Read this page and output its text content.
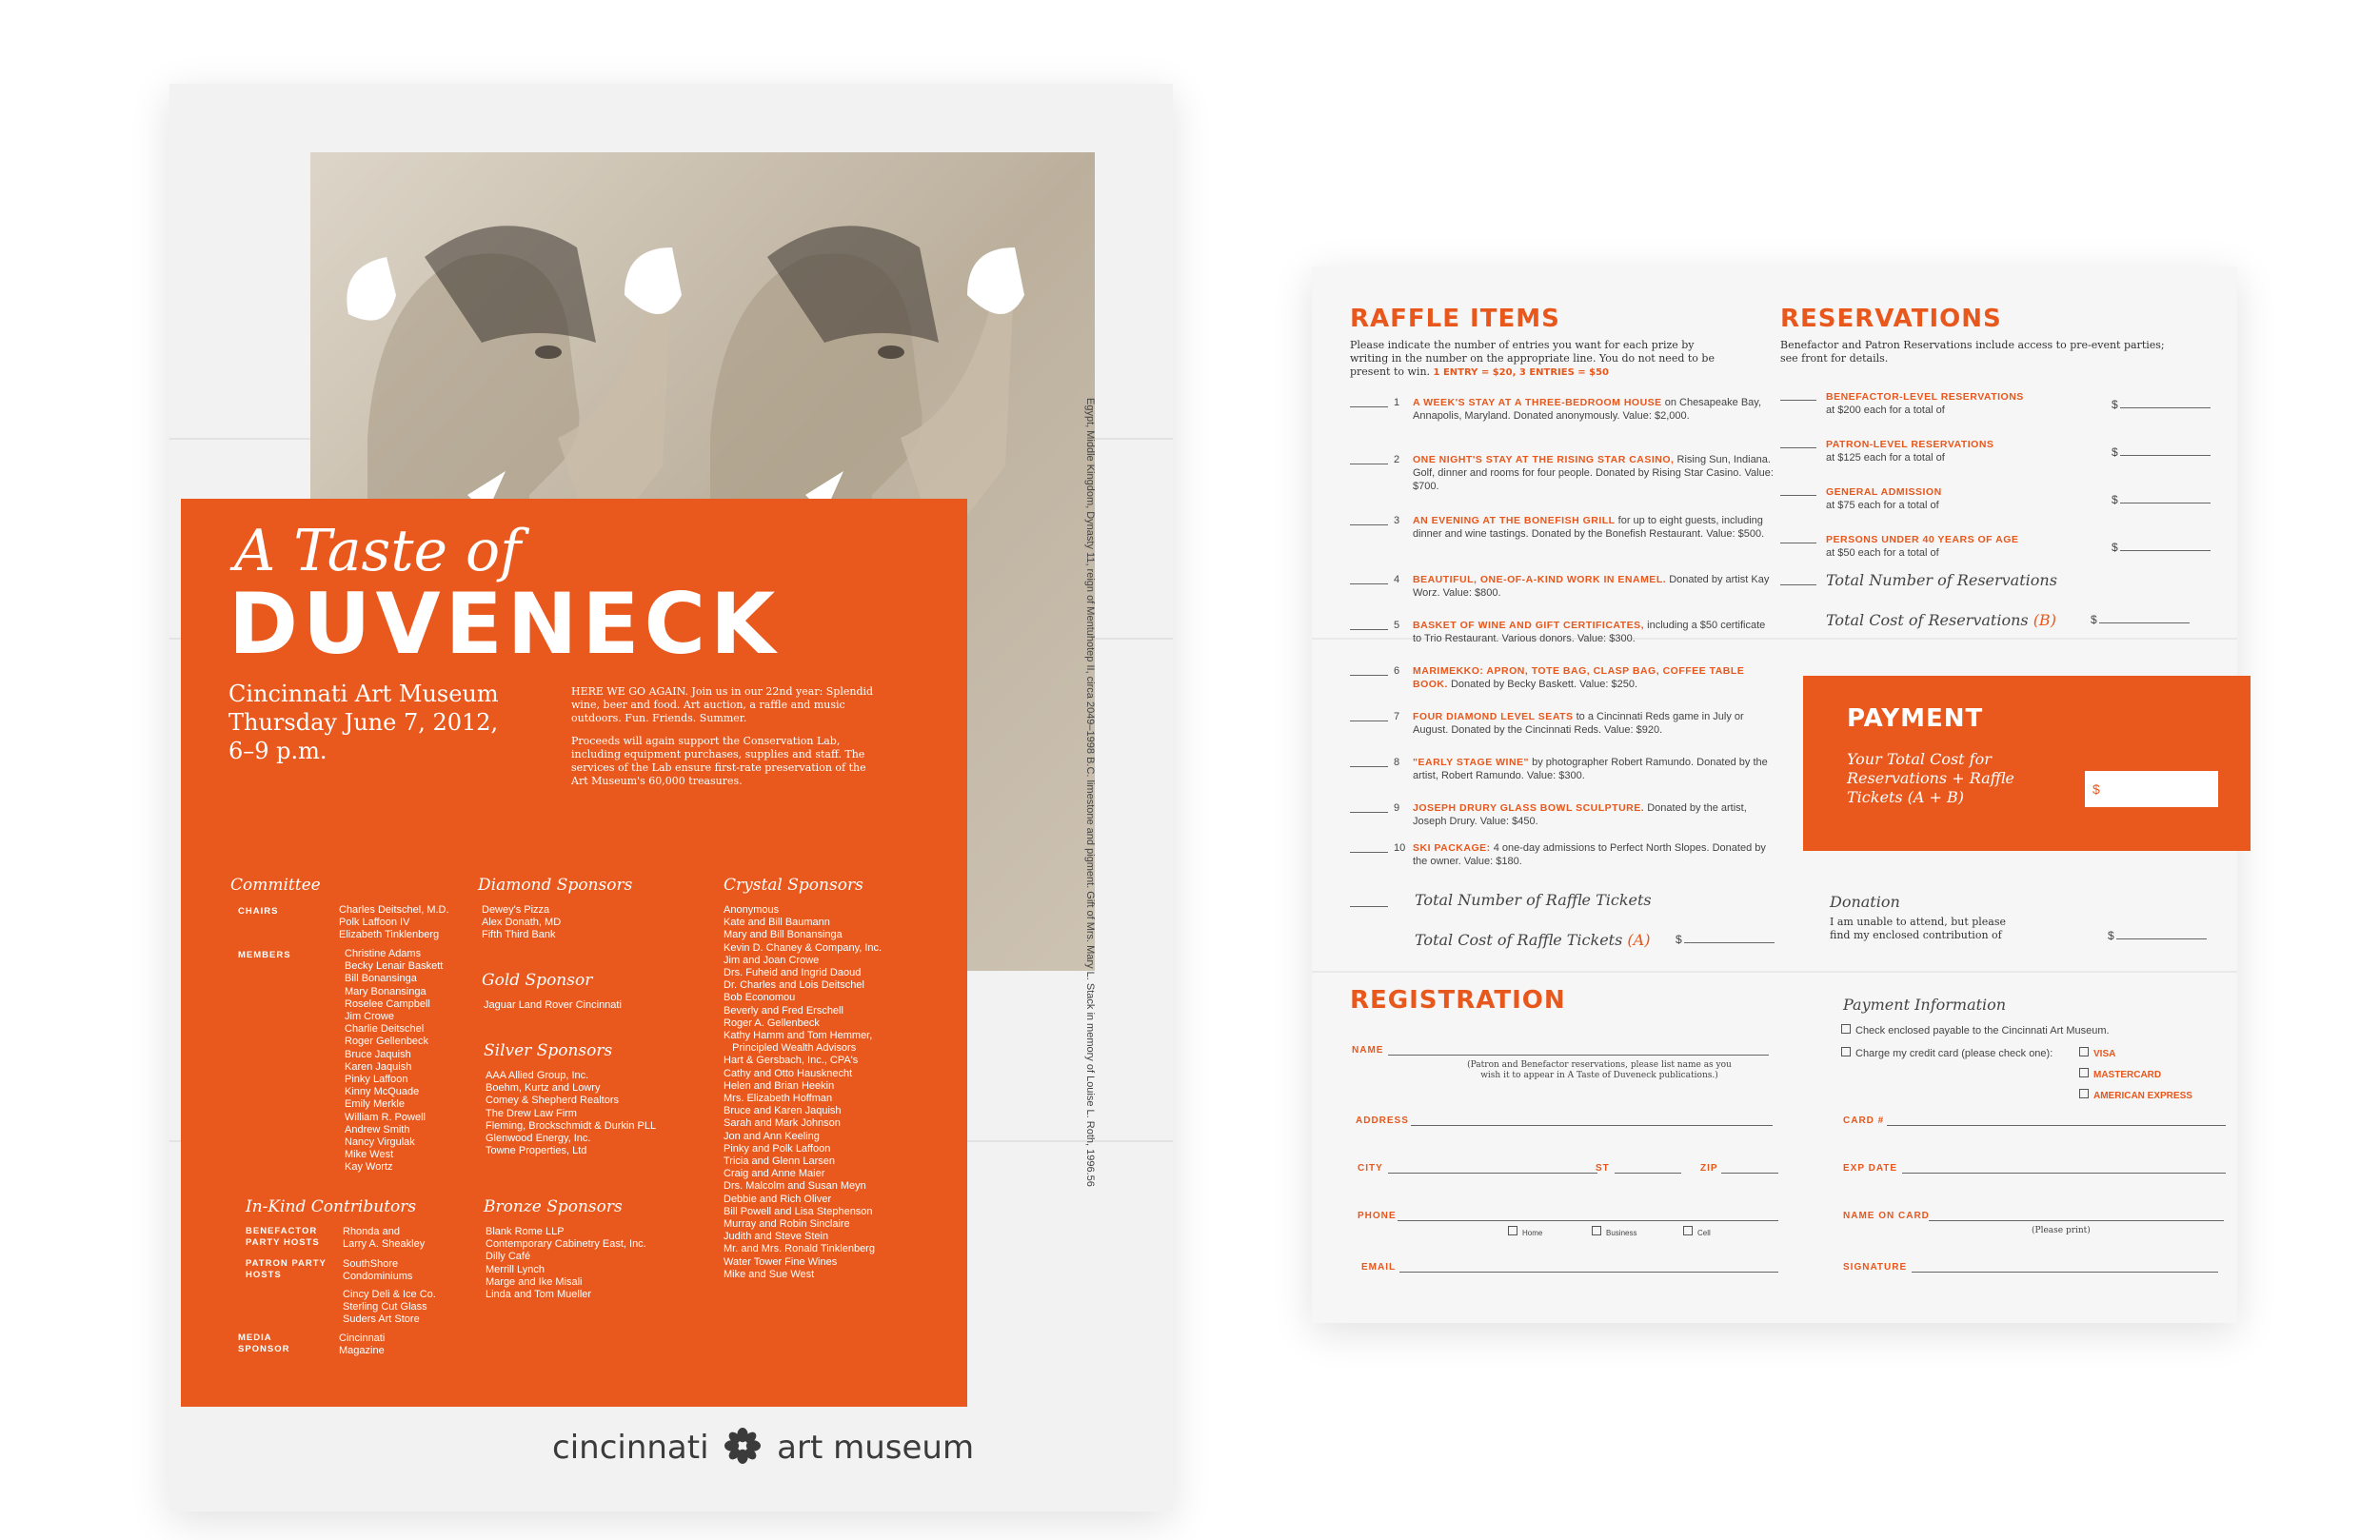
Egypt, Middle Kingdom, Dynasty 11, reign of Mentuhotep II, circa 2049–1998 B.C. limestone and pigment. Gift of Mrs. Mary L. Stack in memory of Louise L. Roth, 1996.56
A Taste of
DUVENECK
Cincinnati Art Museum
Thursday June 7, 2012,
6–9 p.m.

HERE WE GO AGAIN. Join us in our 22nd year: Splendid wine, beer and food. Art auction, a raffle and music outdoors. Fun. Friends. Summer.

Proceeds will again support the Conservation Lab, including equipment purchases, supplies and staff. The services of the Lab ensure first-rate preservation of the Art Museum's 60,000 treasures.

Committee
CHAIRS	Charles Deitschel, M.D.
Polk Laffoon IV
Elizabeth Tinklenberg
MEMBERS	Christine Adams
Becky Lenair Baskett
Bill Bonansinga
Mary Bonansinga
Roselee Campbell
Jim Crowe
Charlie Deitschel
Roger Gellenbeck
Bruce Jaquish
Karen Jaquish
Pinky Laffoon
Kinny McQuade
Emily Merkle
William R. Powell
Andrew Smith
Nancy Virgulak
Mike West
Kay Wortz
Diamond Sponsors
Dewey's Pizza
Alex Donath, MD
Fifth Third Bank
Gold Sponsor
Jaguar Land Rover Cincinnati
Silver Sponsors
AAA Allied Group, Inc.
Boehm, Kurtz and Lowry
Comey & Shepherd Realtors
The Drew Law Firm
Fleming, Brockschmidt & Durkin PLL
Glenwood Energy, Inc.
Towne Properties, Ltd
Crystal Sponsors
Anonymous
Kate and Bill Baumann
Mary and Bill Bonansinga
Kevin D. Chaney & Company, Inc.
Jim and Joan Crowe
Drs. Fuheid and Ingrid Daoud
Dr. Charles and Lois Deitschel
Bob Economou
Beverly and Fred Erschell
Roger A. Gellenbeck
Kathy Hamm and Tom Hemmer,
Principled Wealth Advisors
Hart & Gersbach, Inc., CPA's
Cathy and Otto Hausknecht
Helen and Brian Heekin
Mrs. Elizabeth Hoffman
Bruce and Karen Jaquish
Sarah and Mark Johnson
Jon and Ann Keeling
Pinky and Polk Laffoon
Tricia and Glenn Larsen
Craig and Anne Maier
Drs. Malcolm and Susan Meyn
Debbie and Rich Oliver
Bill Powell and Lisa Stephenson
Murray and Robin Sinclaire
Judith and Steve Stein
Mr. and Mrs. Ronald Tinklenberg
Water Tower Fine Wines
Mike and Sue West
In-Kind Contributors
BENEFACTOR PARTY HOSTS
Rhonda and
Larry A. Sheakley
PATRON PARTY HOSTS
SouthShore
Condominiums
Cincy Deli & Ice Co.
Sterling Cut Glass
Suders Art Store
MEDIA SPONSOR
Cincinnati
Magazine
Bronze Sponsors
Blank Rome LLP
Contemporary Cabinetry East, Inc.
Dilly Café
Merrill Lynch
Marge and Ike Misali
Linda and Tom Mueller
cincinnati art museum
RAFFLE ITEMS
Please indicate the number of entries you want for each prize by writing in the number on the appropriate line. You do not need to be present to win. 1 ENTRY = $20, 3 ENTRIES = $50
Total Number of Raffle Tickets
Total Cost of Raffle Tickets (A) $
RESERVATIONS
Benefactor and Patron Reservations include access to pre-event parties; see front for details.
Total Number of Reservations
Total Cost of Reservations (B)	$
PAYMENT
Your Total Cost for Reservations + Raffle Tickets (A + B)	$
Donation
I am unable to attend, but please find my enclosed contribution of	$
REGISTRATION
NAME
(Patron and Benefactor reservations, please list name as you wish it to appear in A Taste of Duveneck publications.)
ADDRESS
CITY	ST	ZIP
PHONE
Home	Business	Cell
EMAIL
Payment Information
Check enclosed payable to the Cincinnati Art Museum.
Charge my credit card (please check one):	VISA
MASTERCARD
AMERICAN EXPRESS
CARD #
EXP DATE
NAME ON CARD
(Please print)
SIGNATURE
1 A WEEK'S STAY AT A THREE-BEDROOM HOUSE on Chesapeake Bay, Annapolis, Maryland. Donated anonymously. Value: $2,000.
2 ONE NIGHT'S STAY AT THE RISING STAR CASINO, Rising Sun, Indiana. Golf, dinner and rooms for four people. Donated by Rising Star Casino. Value: $700.
3 AN EVENING AT THE BONEFISH GRILL for up to eight guests, including dinner and wine tastings. Donated by the Bonefish Restaurant. Value: $500.
4 BEAUTIFUL, ONE-OF-A-KIND WORK IN ENAMEL. Donated by artist Kay Worz. Value: $800.
5 BASKET OF WINE AND GIFT CERTIFICATES, including a $50 certificate to Trio Restaurant. Various donors. Value: $300.
6 MARIMEKKO: APRON, TOTE BAG, CLASP BAG, COFFEE TABLE BOOK. Donated by Becky Baskett. Value: $250.
7 FOUR DIAMOND LEVEL SEATS to a Cincinnati Reds game in July or August. Donated by the Cincinnati Reds. Value: $920.
8 "EARLY STAGE WINE" by photographer Robert Ramundo. Donated by the artist, Robert Ramundo. Value: $300.
9 JOSEPH DRURY GLASS BOWL SCULPTURE. Donated by the artist, Joseph Drury. Value: $450.
10 SKI PACKAGE: 4 one-day admissions to Perfect North Slopes. Donated by the owner. Value: $180.
BENEFACTOR-LEVEL RESERVATIONS
at $200 each for a total of	$
PATRON-LEVEL RESERVATIONS
at $125 each for a total of	$
GENERAL ADMISSION
at $75 each for a total of	$
PERSONS UNDER 40 YEARS OF AGE
at $50 each for a total of	$
